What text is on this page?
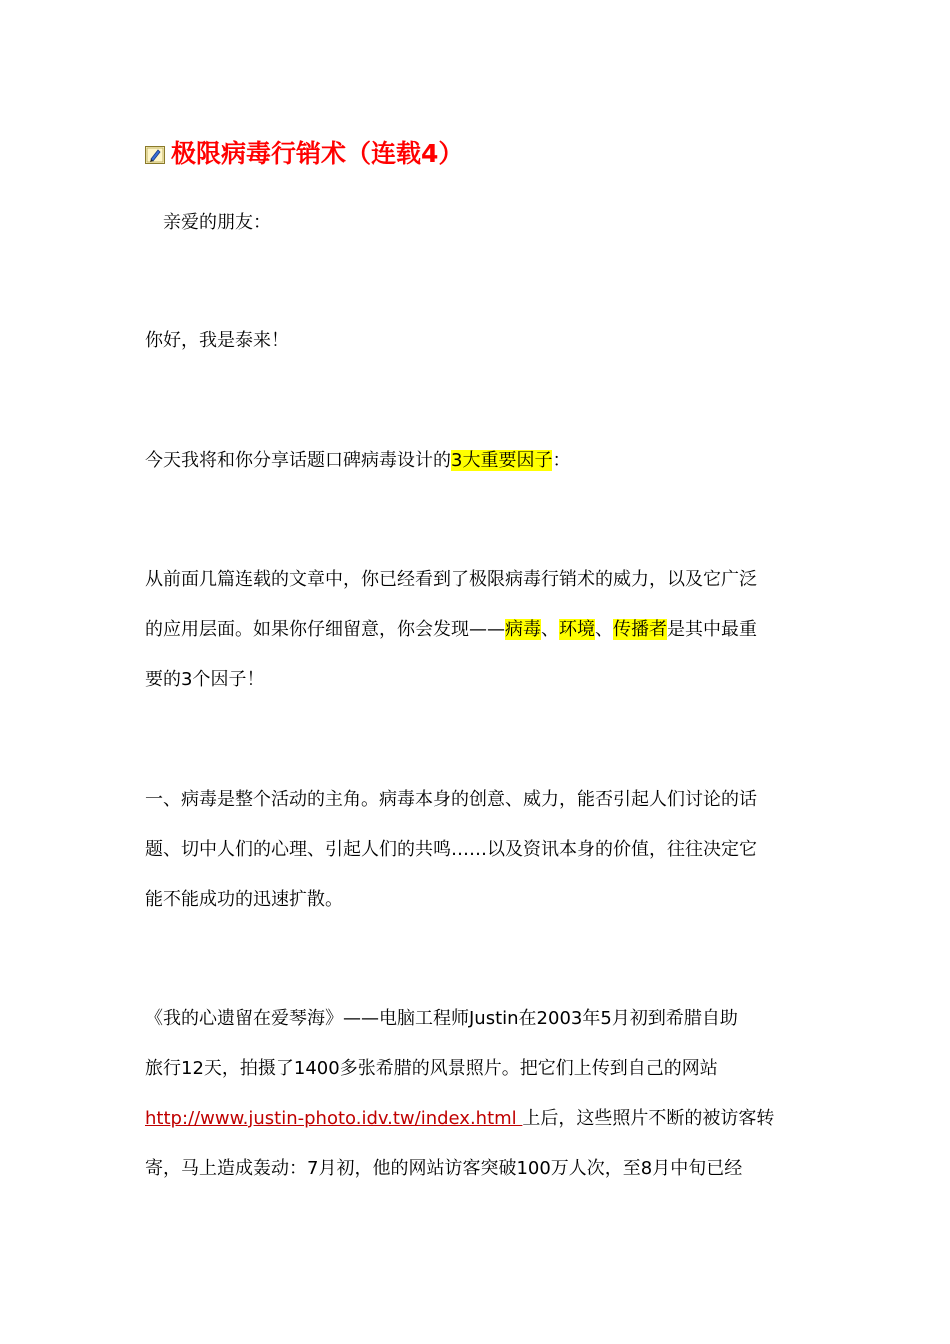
极限病毒行销术（连载4）
亲爱的朋友：
你好，我是泰来！
今天我将和你分享话题口碑病毒设计的3大重要因子：
从前面几篇连载的文章中，你已经看到了极限病毒行销术的威力，以及它广泛
的应用层面。如果你仔细留意，你会发现——病毒、环境、传播者是其中最重
要的3个因子！
一、病毒是整个活动的主角。病毒本身的创意、威力，能否引起人们讨论的话
题、切中人们的心理、引起人们的共鸣……以及资讯本身的价值，往往决定它
能不能成功的迅速扩散。
《我的心遗留在爱琴海》——电脑工程师Justin在2003年5月初到希腊自助
旅行12天，拍摄了1400多张希腊的风景照片。把它们上传到自己的网站
http://www.justin-photo.idv.tw/index.html 上后，这些照片不断的被访客转
寄，马上造成轰动：7月初，他的网站访客突破100万人次，至8月中旬已经
